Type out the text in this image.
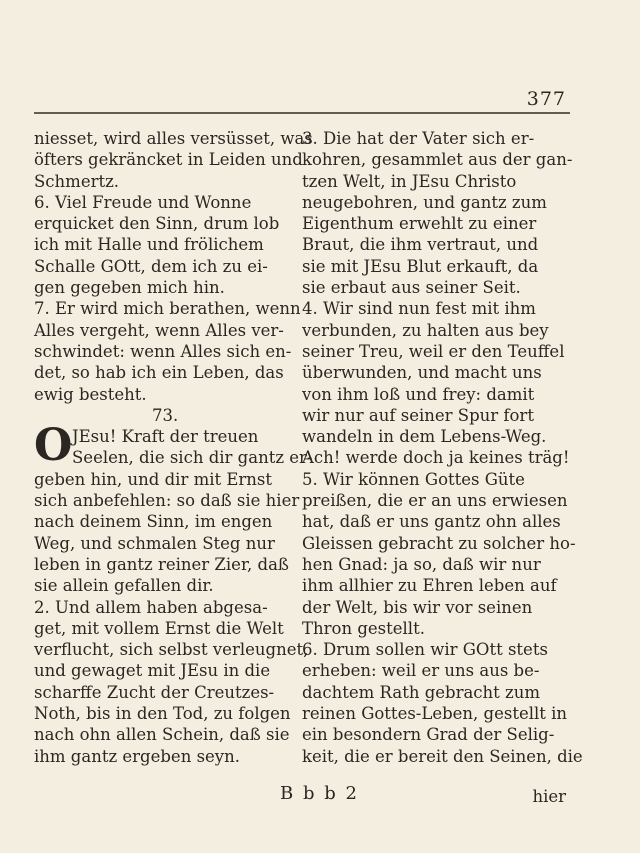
377
niesset, wird alles versüsset, was
öfters gekräncket in Leiden und
Schmertz.
6. Viel Freude und Wonne
erquicket den Sinn, drum lob
ich mit Halle und frölichem
Schalle GOtt, dem ich zu ei-
gen gegeben mich hin.
7. Er wird mich berathen, wenn
Alles vergeht, wenn Alles ver-
schwindet: wenn Alles sich en-
det, so hab ich ein Leben, das
ewig besteht.
73.
O JEsu! Kraft der treuen
Seelen, die sich dir gantz er-
geben hin, und dir mit Ernst
sich anbefehlen: so daß sie hier
nach deinem Sinn, im engen
Weg, und schmalen Steg nur
leben in gantz reiner Zier, daß
sie allein gefallen dir.
2. Und allem haben abgesa-
get, mit vollem Ernst die Welt
verflucht, sich selbst verleugnet,
und gewaget mit JEsu in die
scharffe Zucht der Creutzes-
Noth, bis in den Tod, zu folgen
nach ohn allen Schein, daß sie
ihm gantz ergeben seyn.
3. Die hat der Vater sich er-
kohren, gesammlet aus der gan-
tzen Welt, in JEsu Christo
neugebohren, und gantz zum
Eigenthum erwehlt zu einer
Braut, die ihm vertraut, und
sie mit JEsu Blut erkauft, da
sie erbaut aus seiner Seit.
4. Wir sind nun fest mit ihm
verbunden, zu halten aus bey
seiner Treu, weil er den Teuffel
überwunden, und macht uns
von ihm loß und frey: damit
wir nur auf seiner Spur fort
wandeln in dem Lebens-Weg.
Ach! werde doch ja keines träg!
5. Wir können Gottes Güte
preißen, die er an uns erwiesen
hat, daß er uns gantz ohn alles
Gleissen gebracht zu solcher ho-
hen Gnad: ja so, daß wir nur
ihm allhier zu Ehren leben auf
der Welt, bis wir vor seinen
Thron gestellt.
6. Drum sollen wir GOtt stets
erheben: weil er uns aus be-
dachtem Rath gebracht zum
reinen Gottes-Leben, gestellt in
ein besondern Grad der Selig-
keit, die er bereit den Seinen, die
B b b 2	hier
